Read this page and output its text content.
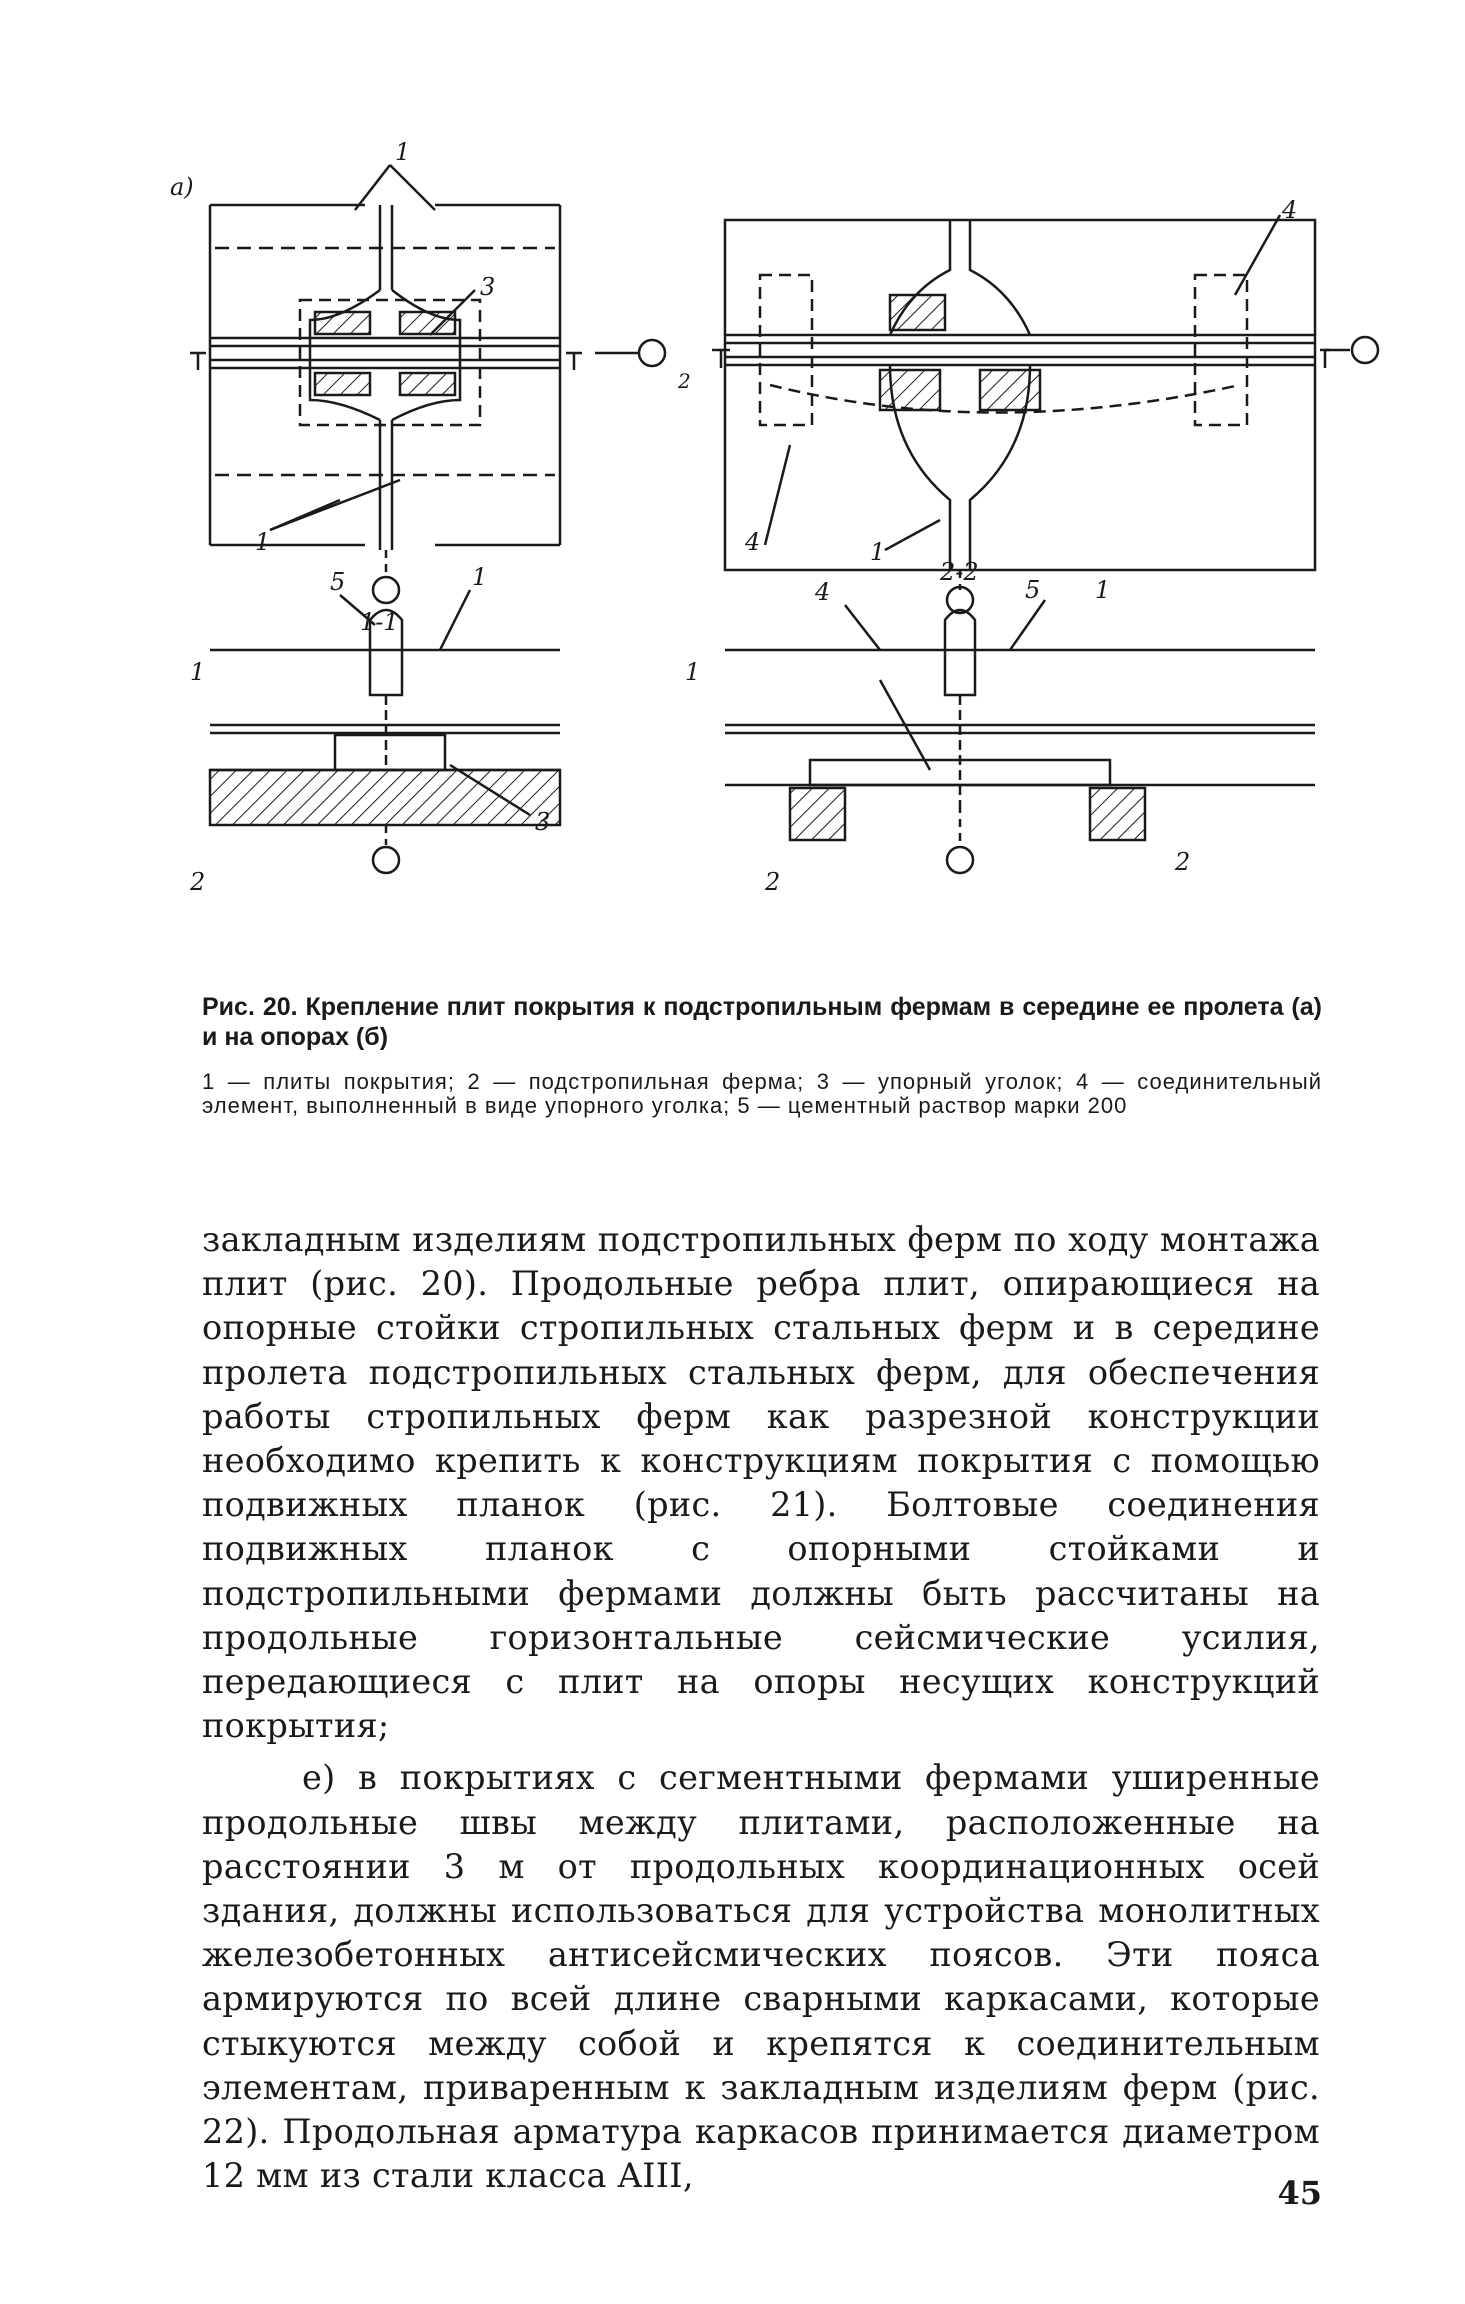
а)
1
3
1
4
4	1
1-1
5	1
3
1
2
2-2
4	5 1
1
2
2
2

Рис. 20. Крепление плит покрытия к подстропильным фермам в середине ее пролета (а) и на опорах (б)

1 — плиты покрытия; 2 — подстропильная ферма; 3 — упорный уголок; 4 — соединительный элемент, выполненный в виде упорного уголка; 5 — цементный раствор марки 200

закладным изделиям подстропильных ферм по ходу монтажа плит (рис. 20). Продольные ребра плит, опирающиеся на опорные стойки стропильных стальных ферм и в середине пролета подстропильных стальных ферм, для обеспечения работы стропильных ферм как разрезной конструкции необходимо крепить к конструкциям покрытия с помощью подвижных планок (рис. 21). Болтовые соединения подвижных планок с опорными стойками и подстропильными фермами должны быть рассчитаны на продольные горизонтальные сейсмические усилия, передающиеся с плит на опоры несущих конструкций покрытия;

е) в покрытиях с сегментными фермами уширенные продольные швы между плитами, расположенные на расстоянии 3 м от продольных координационных осей здания, должны использоваться для устройства монолитных железобетонных антисейсмических поясов. Эти пояса армируются по всей длине сварными каркасами, которые стыкуются между собой и крепятся к соединительным элементам, приваренным к закладным изделиям ферм (рис. 22). Продольная арматура каркасов принимается диаметром 12 мм из стали класса AIII,	45
